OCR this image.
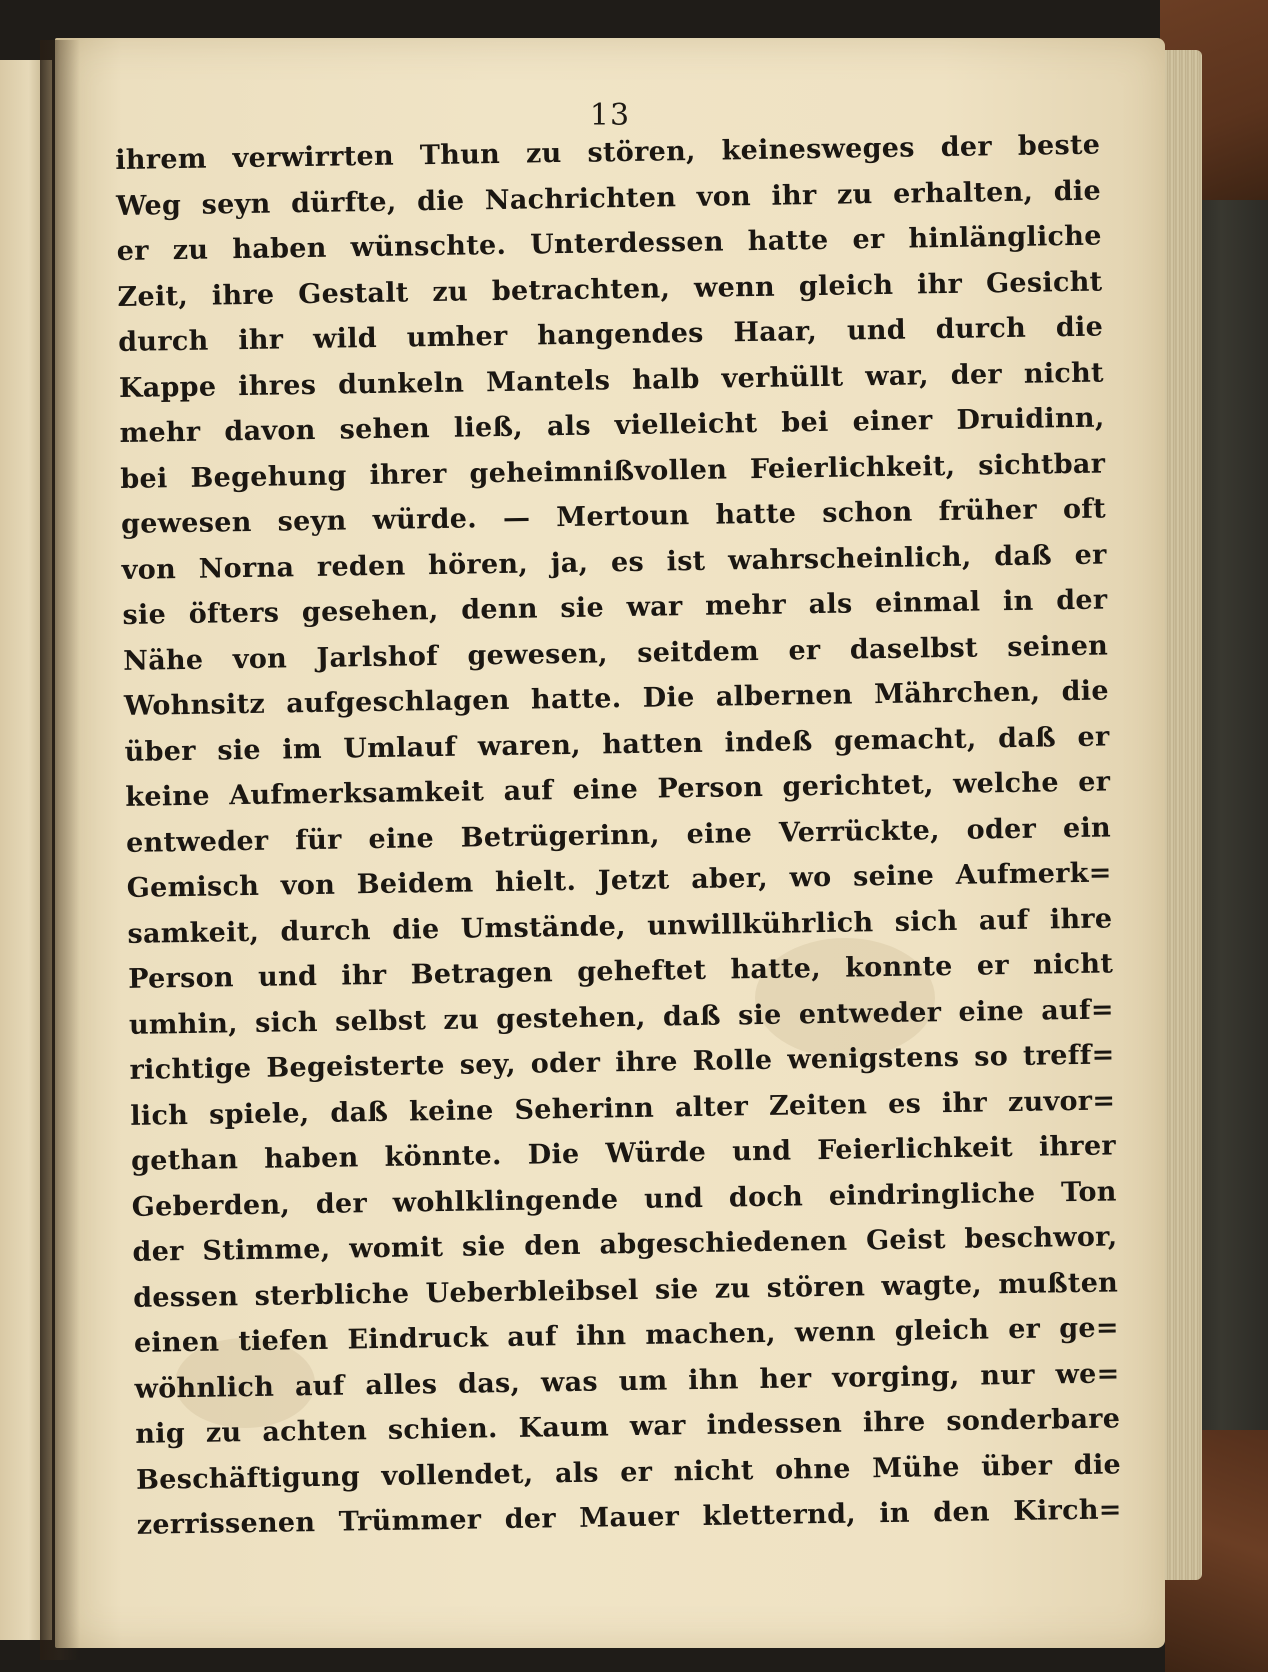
13
ihrem verwirrten Thun zu stören, keinesweges der beste
Weg seyn dürfte, die Nachrichten von ihr zu erhalten, die
er zu haben wünschte. Unterdessen hatte er hinlängliche
Zeit, ihre Gestalt zu betrachten, wenn gleich ihr Gesicht
durch ihr wild umher hangendes Haar, und durch die
Kappe ihres dunkeln Mantels halb verhüllt war, der nicht
mehr davon sehen ließ, als vielleicht bei einer Druidinn,
bei Begehung ihrer geheimnißvollen Feierlichkeit, sichtbar
gewesen seyn würde. — Mertoun hatte schon früher oft
von Norna reden hören, ja, es ist wahrscheinlich, daß er
sie öfters gesehen, denn sie war mehr als einmal in der
Nähe von Jarlshof gewesen, seitdem er daselbst seinen
Wohnsitz aufgeschlagen hatte. Die albernen Mährchen, die
über sie im Umlauf waren, hatten indeß gemacht, daß er
keine Aufmerksamkeit auf eine Person gerichtet, welche er
entweder für eine Betrügerinn, eine Verrückte, oder ein
Gemisch von Beidem hielt. Jetzt aber, wo seine Aufmerk=
samkeit, durch die Umstände, unwillkührlich sich auf ihre
Person und ihr Betragen geheftet hatte, konnte er nicht
umhin, sich selbst zu gestehen, daß sie entweder eine auf=
richtige Begeisterte sey, oder ihre Rolle wenigstens so treff=
lich spiele, daß keine Seherinn alter Zeiten es ihr zuvor=
gethan haben könnte. Die Würde und Feierlichkeit ihrer
Geberden, der wohlklingende und doch eindringliche Ton
der Stimme, womit sie den abgeschiedenen Geist beschwor,
dessen sterbliche Ueberbleibsel sie zu stören wagte, mußten
einen tiefen Eindruck auf ihn machen, wenn gleich er ge=
wöhnlich auf alles das, was um ihn her vorging, nur we=
nig zu achten schien. Kaum war indessen ihre sonderbare
Beschäftigung vollendet, als er nicht ohne Mühe über die
zerrissenen Trümmer der Mauer kletternd, in den Kirch=
